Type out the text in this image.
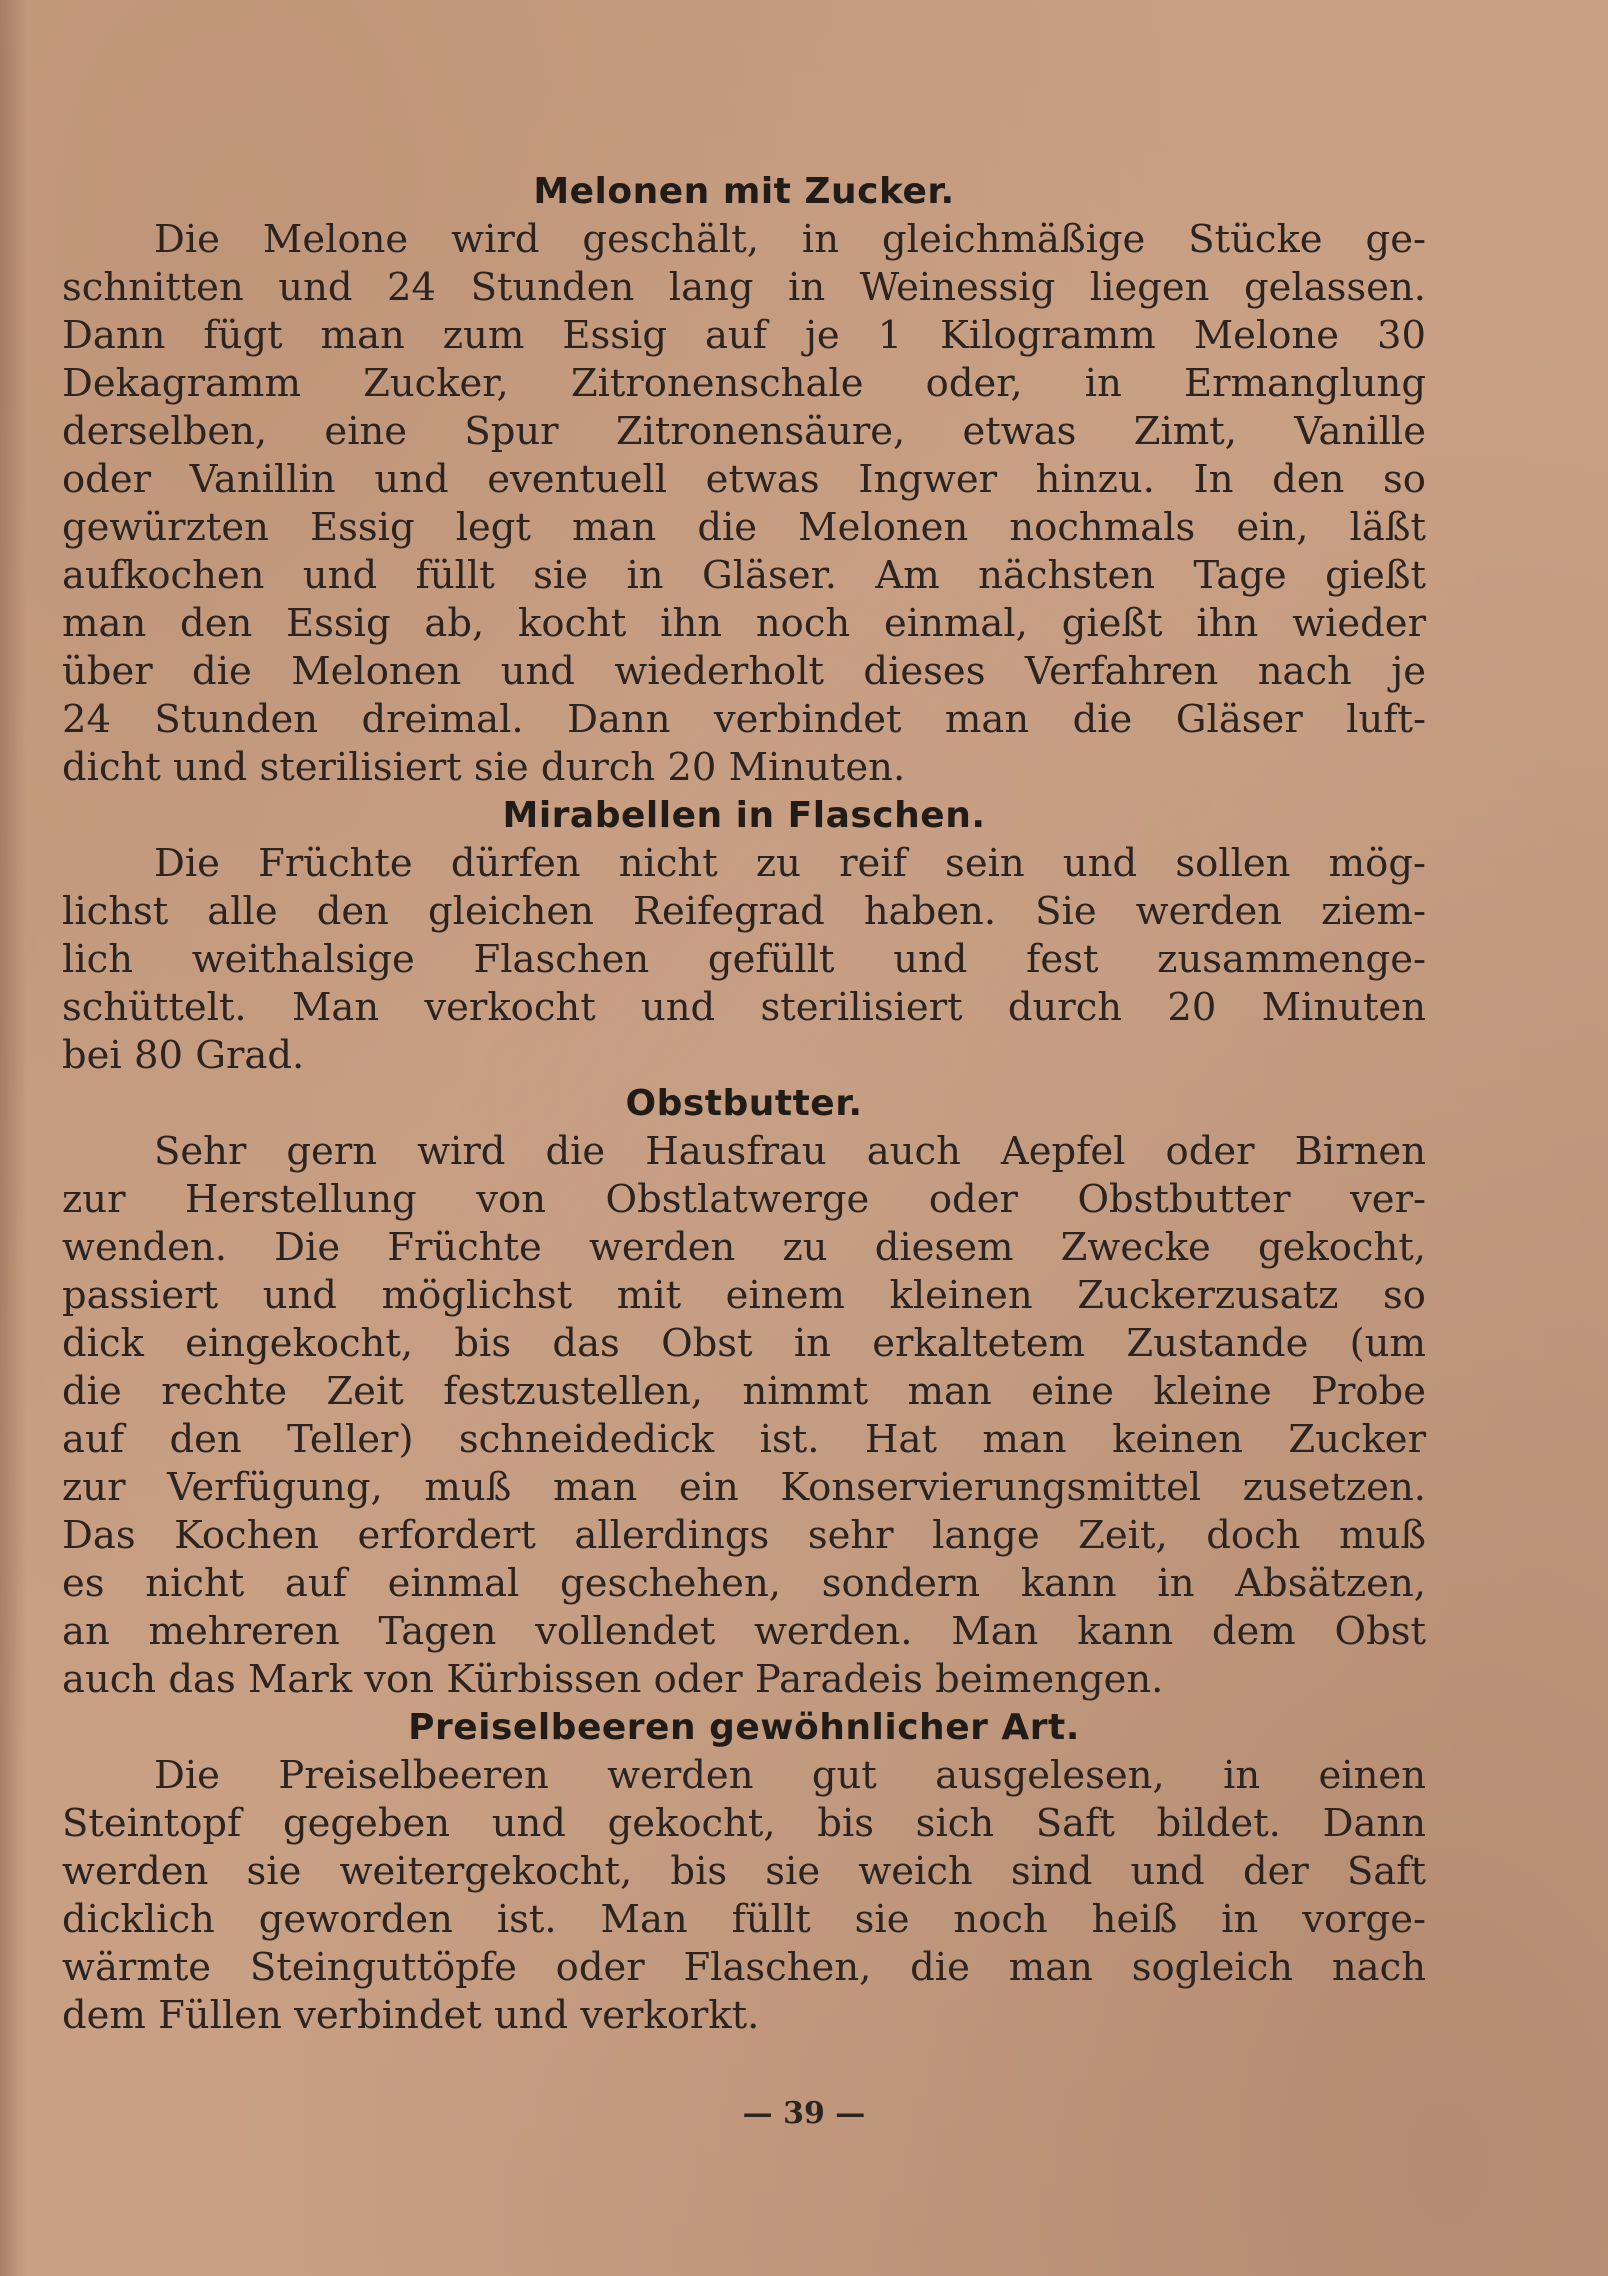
Melonen mit Zucker.
Die Melone wird geschält, in gleichmäßige Stücke ge-
schnitten und 24 Stunden lang in Weinessig liegen gelassen.
Dann fügt man zum Essig auf je 1 Kilogramm Melone 30
Dekagramm Zucker, Zitronenschale oder, in Ermanglung
derselben, eine Spur Zitronensäure, etwas Zimt, Vanille
oder Vanillin und eventuell etwas Ingwer hinzu. In den so
gewürzten Essig legt man die Melonen nochmals ein, läßt
aufkochen und füllt sie in Gläser. Am nächsten Tage gießt
man den Essig ab, kocht ihn noch einmal, gießt ihn wieder
über die Melonen und wiederholt dieses Verfahren nach je
24 Stunden dreimal. Dann verbindet man die Gläser luft-
dicht und sterilisiert sie durch 20 Minuten.
Mirabellen in Flaschen.
Die Früchte dürfen nicht zu reif sein und sollen mög-
lichst alle den gleichen Reifegrad haben. Sie werden ziem-
lich weithalsige Flaschen gefüllt und fest zusammenge-
schüttelt. Man verkocht und sterilisiert durch 20 Minuten
bei 80 Grad.
Obstbutter.
Sehr gern wird die Hausfrau auch Aepfel oder Birnen
zur Herstellung von Obstlatwerge oder Obstbutter ver-
wenden. Die Früchte werden zu diesem Zwecke gekocht,
passiert und möglichst mit einem kleinen Zuckerzusatz so
dick eingekocht, bis das Obst in erkaltetem Zustande (um
die rechte Zeit festzustellen, nimmt man eine kleine Probe
auf den Teller) schneidedick ist. Hat man keinen Zucker
zur Verfügung, muß man ein Konservierungsmittel zusetzen.
Das Kochen erfordert allerdings sehr lange Zeit, doch muß
es nicht auf einmal geschehen, sondern kann in Absätzen,
an mehreren Tagen vollendet werden. Man kann dem Obst
auch das Mark von Kürbissen oder Paradeis beimengen.
Preiselbeeren gewöhnlicher Art.
Die Preiselbeeren werden gut ausgelesen, in einen
Steintopf gegeben und gekocht, bis sich Saft bildet. Dann
werden sie weitergekocht, bis sie weich sind und der Saft
dicklich geworden ist. Man füllt sie noch heiß in vorge-
wärmte Steinguttöpfe oder Flaschen, die man sogleich nach
dem Füllen verbindet und verkorkt.
— 39 —
